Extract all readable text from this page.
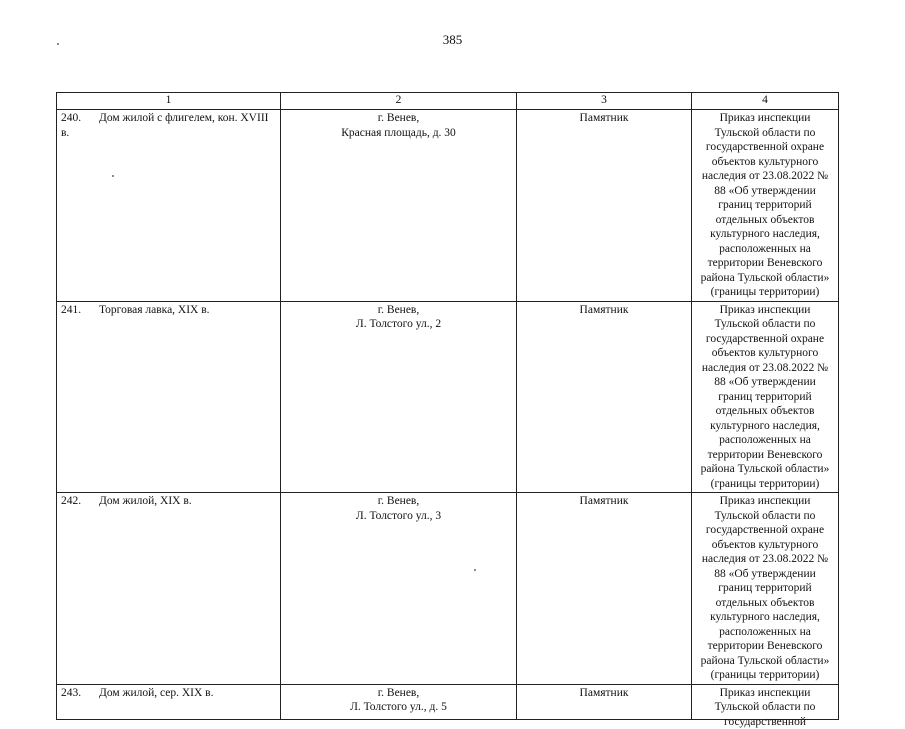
385
1	2	3	4
240. Дом жилой с флигелем, кон. XVIII в.	г. Венев,
Красная площадь, д. 30	Памятник	Приказ инспекции Тульской области по государственной охране объектов культурного наследия от 23.08.2022 № 88 «Об утверждении границ территорий отдельных объектов культурного наследия, расположенных на территории Веневского района Тульской области» (границы территории)
241. Торговая лавка, XIX в.	г. Венев,
Л. Толстого ул., 2	Памятник	Приказ инспекции Тульской области по государственной охране объектов культурного наследия от 23.08.2022 № 88 «Об утверждении границ территорий отдельных объектов культурного наследия, расположенных на территории Веневского района Тульской области» (границы территории)
242. Дом жилой, XIX в.	г. Венев,
Л. Толстого ул., 3	Памятник	Приказ инспекции Тульской области по государственной охране объектов культурного наследия от 23.08.2022 № 88 «Об утверждении границ территорий отдельных объектов культурного наследия, расположенных на территории Веневского района Тульской области» (границы территории)

243. Дом жилой, сер. XIX в.	г. Венев,
Л. Толстого ул., д. 5	Памятник	Приказ инспекции Тульской области по государственной
